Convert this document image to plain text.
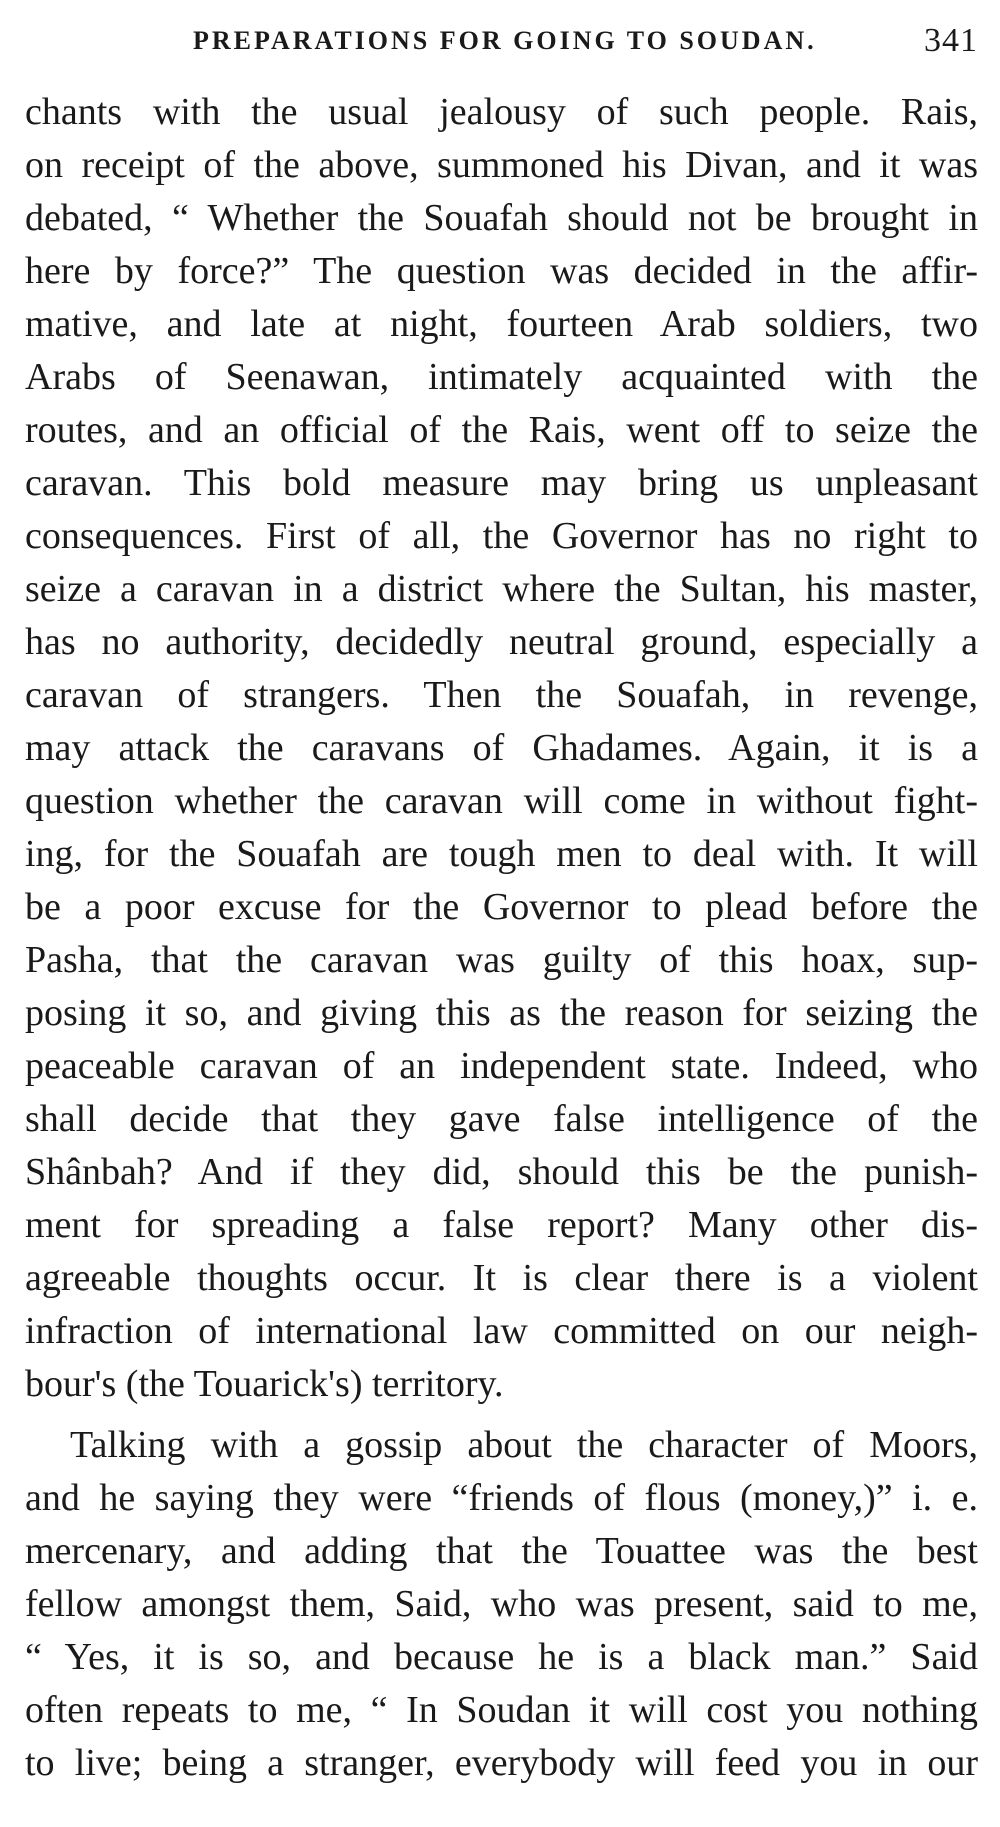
PREPARATIONS FOR GOING TO SOUDAN.	341
chants with the usual jealousy of such people. Rais,
on receipt of the above, summoned his Divan, and it was
debated, “ Whether the Souafah should not be brought in
here by force?” The question was decided in the affir-
mative, and late at night, fourteen Arab soldiers, two
Arabs of Seenawan, intimately acquainted with the
routes, and an official of the Rais, went off to seize the
caravan. This bold measure may bring us unpleasant
consequences. First of all, the Governor has no right to
seize a caravan in a district where the Sultan, his master,
has no authority, decidedly neutral ground, especially a
caravan of strangers. Then the Souafah, in revenge,
may attack the caravans of Ghadames. Again, it is a
question whether the caravan will come in without fight-
ing, for the Souafah are tough men to deal with. It will
be a poor excuse for the Governor to plead before the
Pasha, that the caravan was guilty of this hoax, sup-
posing it so, and giving this as the reason for seizing the
peaceable caravan of an independent state. Indeed, who
shall decide that they gave false intelligence of the
Shânbah? And if they did, should this be the punish-
ment for spreading a false report? Many other dis-
agreeable thoughts occur. It is clear there is a violent
infraction of international law committed on our neigh-
bour's (the Touarick's) territory.
Talking with a gossip about the character of Moors,
and he saying they were “friends of flous (money,)” i. e.
mercenary, and adding that the Touattee was the best
fellow amongst them, Said, who was present, said to me,
“ Yes, it is so, and because he is a black man.” Said
often repeats to me, “ In Soudan it will cost you nothing
to live; being a stranger, everybody will feed you in our
